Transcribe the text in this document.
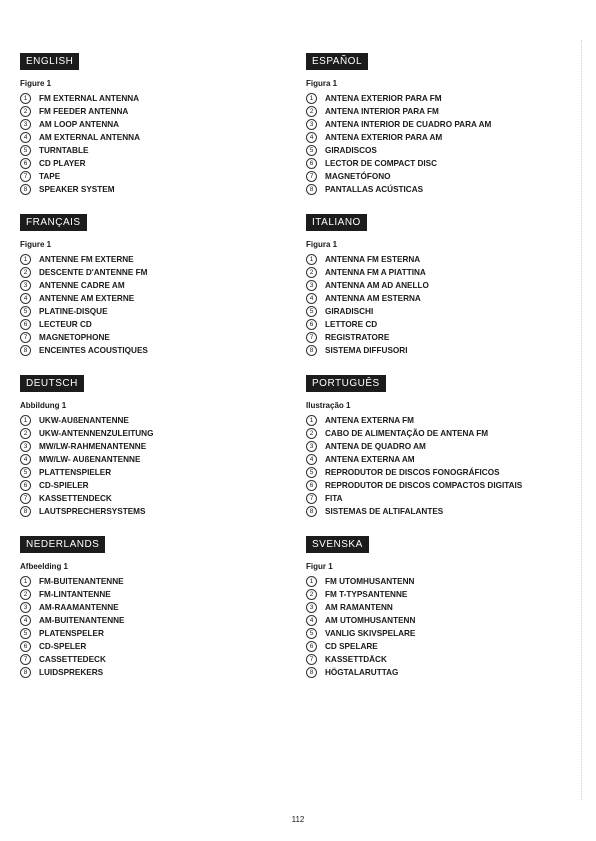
ENGLISH
Figure 1
1	FM EXTERNAL ANTENNA
2	FM FEEDER ANTENNA
3	AM LOOP ANTENNA
4	AM EXTERNAL ANTENNA
5	TURNTABLE
6	CD PLAYER
7	TAPE
8	SPEAKER SYSTEM
ESPAÑOL
Figura 1
1	ANTENA EXTERIOR PARA FM
2	ANTENA INTERIOR PARA FM
3	ANTENA INTERIOR DE CUADRO PARA AM
4	ANTENA EXTERIOR PARA AM
5	GIRADISCOS
6	LECTOR DE COMPACT DISC
7	MAGNETÓFONO
8	PANTALLAS ACÚSTICAS
FRANÇAIS
Figure 1
1	ANTENNE FM EXTERNE
2	DESCENTE D'ANTENNE FM
3	ANTENNE CADRE AM
4	ANTENNE AM EXTERNE
5	PLATINE-DISQUE
6	LECTEUR CD
7	MAGNETOPHONE
8	ENCEINTES ACOUSTIQUES
ITALIANO
Figura 1
1	ANTENNA FM ESTERNA
2	ANTENNA FM A PIATTINA
3	ANTENNA AM AD ANELLO
4	ANTENNA AM ESTERNA
5	GIRADISCHI
6	LETTORE CD
7	REGISTRATORE
8	SISTEMA DIFFUSORI
DEUTSCH
Abbildung 1
1	UKW-AUßENANTENNE
2	UKW-ANTENNENZULEITUNG
3	MW/LW-RAHMENANTENNE
4	MW/LW- AUßENANTENNE
5	PLATTENSPIELER
6	CD-SPIELER
7	KASSETTENDECK
8	LAUTSPRECHERSYSTEMS
PORTUGUÊS
Ilustração 1
1	ANTENA EXTERNA FM
2	CABO DE ALIMENTAÇÃO DE ANTENA FM
3	ANTENA DE QUADRO AM
4	ANTENA EXTERNA AM
5	REPRODUTOR DE DISCOS FONOGRÁFICOS
6	REPRODUTOR DE DISCOS COMPACTOS DIGITAIS
7	FITA
8	SISTEMAS DE ALTIFALANTES
NEDERLANDS
Afbeelding 1
1	FM-BUITENANTENNE
2	FM-LINTANTENNE
3	AM-RAAMANTENNE
4	AM-BUITENANTENNE
5	PLATENSPELER
6	CD-SPELER
7	CASSETTEDECK
8	LUIDSPREKERS
SVENSKA
Figur 1
1	FM UTOMHUSANTENN
2	FM T-TYPSANTENNE
3	AM RAMANTENN
4	AM UTOMHUSANTENN
5	VANLIG SKIVSPELARE
6	CD SPELARE
7	KASSETTDÄCK
8	HÖGTALARUTTAG
112
